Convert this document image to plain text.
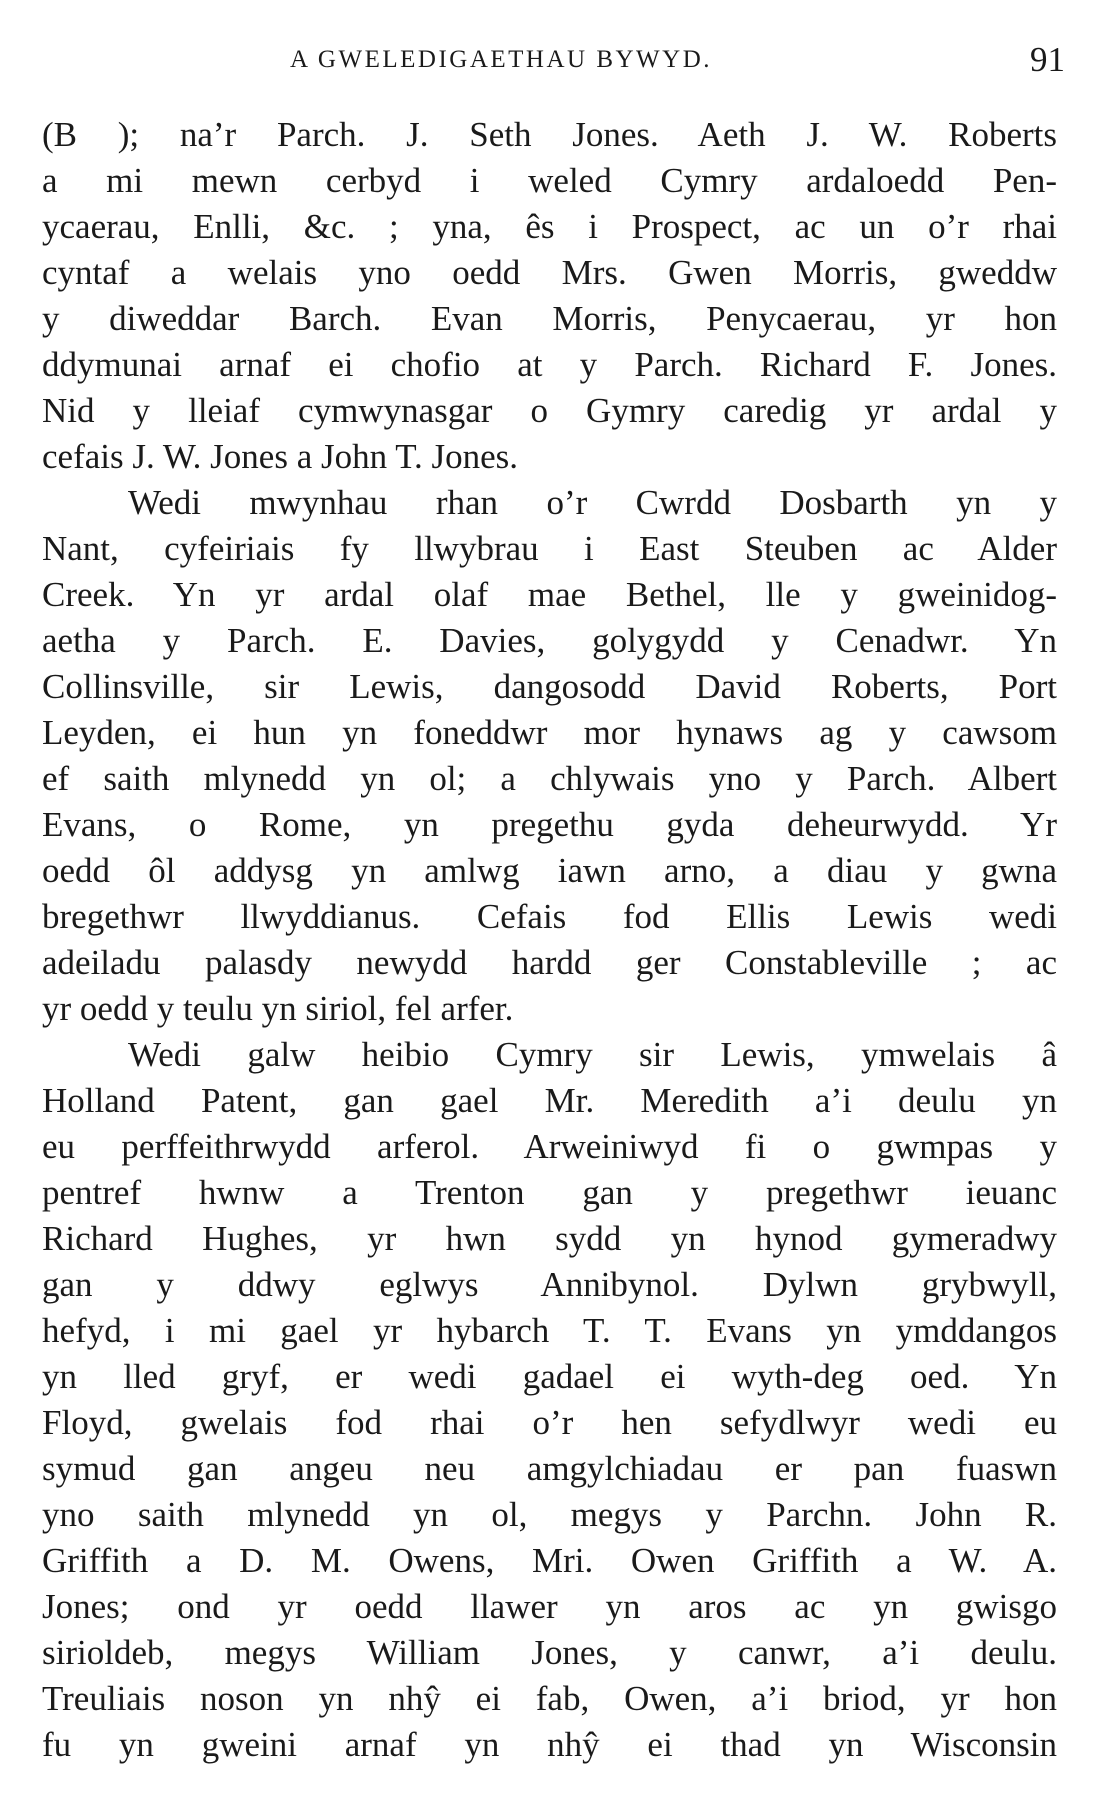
A GWELEDIGAETHAU BYWYD.	91
(B ); na’r Parch. J. Seth Jones. Aeth J. W. Roberts
a mi mewn cerbyd i weled Cymry ardaloedd Pen-
ycaerau, Enlli, &c. ; yna, ês i Prospect, ac un o’r rhai
cyntaf a welais yno oedd Mrs. Gwen Morris, gweddw
y diweddar Barch. Evan Morris, Penycaerau, yr hon
ddymunai arnaf ei chofio at y Parch. Richard F. Jones.
Nid y lleiaf cymwynasgar o Gymry caredig yr ardal y
cefais J. W. Jones a John T. Jones.
Wedi mwynhau rhan o’r Cwrdd Dosbarth yn y
Nant, cyfeiriais fy llwybrau i East Steuben ac Alder
Creek. Yn yr ardal olaf mae Bethel, lle y gweinidog-
aetha y Parch. E. Davies, golygydd y Cenadwr. Yn
Collinsville, sir Lewis, dangosodd David Roberts, Port
Leyden, ei hun yn foneddwr mor hynaws ag y cawsom
ef saith mlynedd yn ol; a chlywais yno y Parch. Albert
Evans, o Rome, yn pregethu gyda deheurwydd. Yr
oedd ôl addysg yn amlwg iawn arno, a diau y gwna
bregethwr llwyddianus. Cefais fod Ellis Lewis wedi
adeiladu palasdy newydd hardd ger Constableville ; ac
yr oedd y teulu yn siriol, fel arfer.
Wedi galw heibio Cymry sir Lewis, ymwelais â
Holland Patent, gan gael Mr. Meredith a’i deulu yn
eu perffeithrwydd arferol. Arweiniwyd fi o gwmpas y
pentref hwnw a Trenton gan y pregethwr ieuanc
Richard Hughes, yr hwn sydd yn hynod gymeradwy
gan y ddwy eglwys Annibynol. Dylwn grybwyll,
hefyd, i mi gael yr hybarch T. T. Evans yn ymddangos
yn lled gryf, er wedi gadael ei wyth-deg oed. Yn
Floyd, gwelais fod rhai o’r hen sefydlwyr wedi eu
symud gan angeu neu amgylchiadau er pan fuaswn
yno saith mlynedd yn ol, megys y Parchn. John R.
Griffith a D. M. Owens, Mri. Owen Griffith a W. A.
Jones; ond yr oedd llawer yn aros ac yn gwisgo
sirioldeb, megys William Jones, y canwr, a’i deulu.
Treuliais noson yn nhŷ ei fab, Owen, a’i briod, yr hon
fu yn gweini arnaf yn nhŷ ei thad yn Wisconsin
